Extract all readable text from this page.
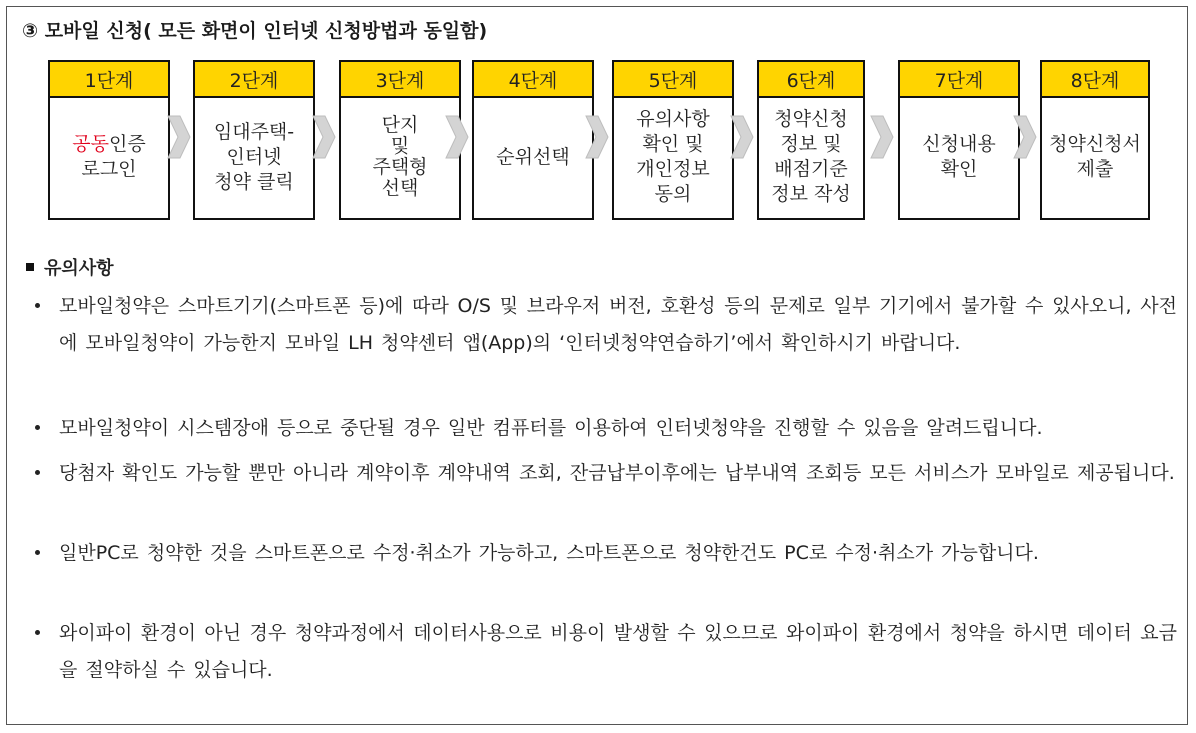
③ 모바일 신청( 모든 화면이 인터넷 신청방법과 동일함)
1단계
공동인증
로그인
2단계
임대주택-
인터넷
청약 클릭
3단계
단지
및
주택형
선택
4단계
순위선택
5단계
유의사항
확인 및
개인정보
동의
6단계
청약신청
정보 및
배점기준
정보 작성
7단계
신청내용
확인
8단계
청약신청서
제출
유의사항
모바일청약은 스마트기기(스마트폰 등)에 따라 O/S 및 브라우저 버전, 호환성 등의 문제로 일부 기기에서 불가할 수 있사오니, 사전에 모바일청약이 가능한지 모바일 LH 청약센터 앱(App)의 ‘인터넷청약연습하기’에서 확인하시기 바랍니다.
모바일청약이 시스템장애 등으로 중단될 경우 일반 컴퓨터를 이용하여 인터넷청약을 진행할 수 있음을 알려드립니다.
당첨자 확인도 가능할 뿐만 아니라 계약이후 계약내역 조회, 잔금납부이후에는 납부내역 조회등 모든 서비스가 모바일로 제공됩니다.
일반PC로 청약한 것을 스마트폰으로 수정·취소가 가능하고, 스마트폰으로 청약한건도 PC로 수정·취소가 가능합니다.
와이파이 환경이 아닌 경우 청약과정에서 데이터사용으로 비용이 발생할 수 있으므로 와이파이 환경에서 청약을 하시면 데이터 요금을 절약하실 수 있습니다.
